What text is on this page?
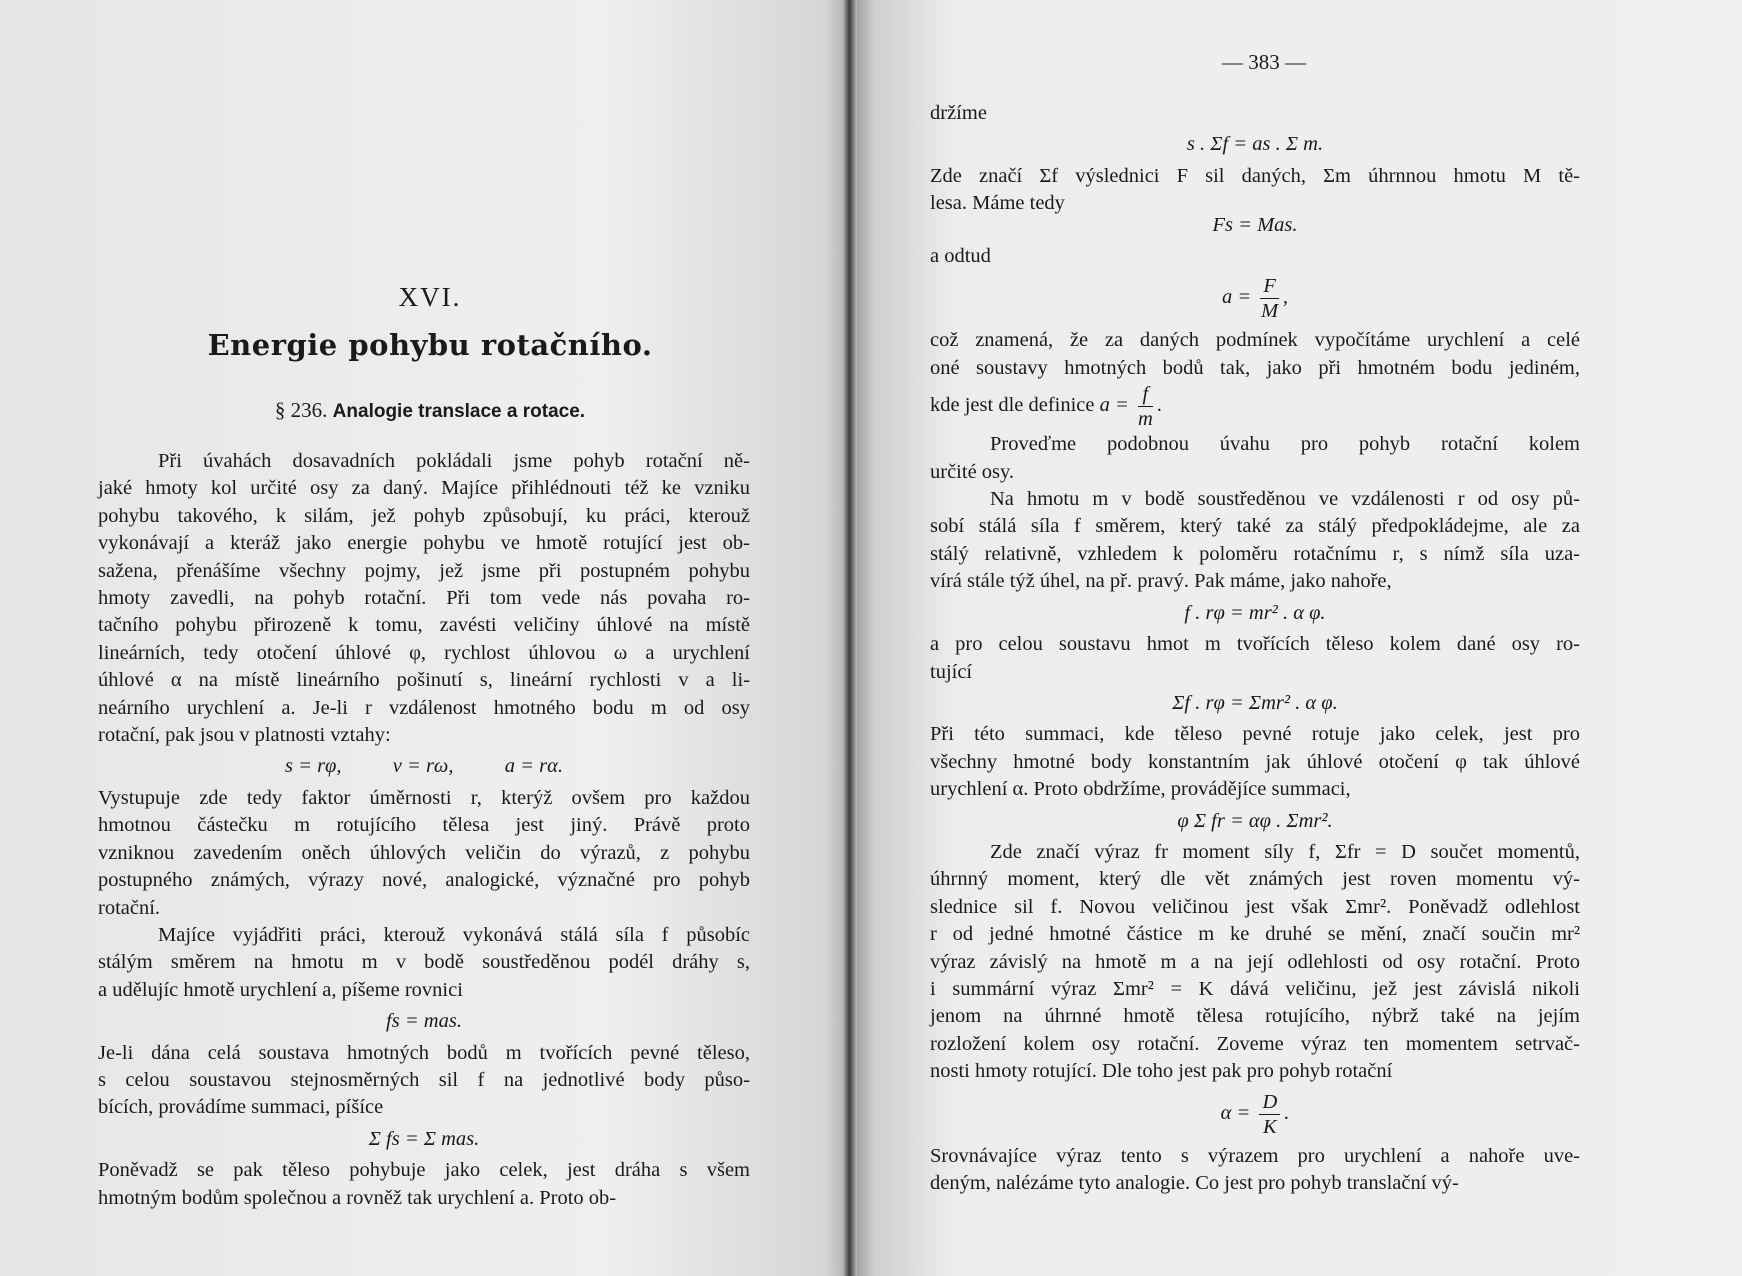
XVI.
Energie pohybu rotačního.
§ 236. Analogie translace a rotace.
Při úvahách dosavadních pokládali jsme pohyb rotační ně-
jaké hmoty kol určité osy za daný. Majíce přihlédnouti též ke vzniku
pohybu takového, k silám, jež pohyb způsobují, ku práci, kterouž
vykonávají a kteráž jako energie pohybu ve hmotě rotující jest ob-
sažena, přenášíme všechny pojmy, jež jsme při postupném pohybu
hmoty zavedli, na pohyb rotační. Při tom vede nás povaha ro-
tačního pohybu přirozeně k tomu, zavésti veličiny úhlové na místě
lineárních, tedy otočení úhlové φ, rychlost úhlovou ω a urychlení
úhlové α na místě lineárního pošinutí s, lineární rychlosti v a li-
neárního urychlení a. Je-li r vzdálenost hmotného bodu m od osy
rotační, pak jsou v platnosti vztahy:
s = rφ,          v = rω,          a = rα.
Vystupuje zde tedy faktor úměrnosti r, kterýž ovšem pro každou
hmotnou částečku m rotujícího tělesa jest jiný. Právě proto
vzniknou zavedením oněch úhlových veličin do výrazů, z pohybu
postupného známých, výrazy nové, analogické, význačné pro pohyb
rotační.
Majíce vyjádřiti práci, kterouž vykonává stálá síla f působíc
stálým směrem na hmotu m v bodě soustředěnou podél dráhy s,
a udělujíc hmotě urychlení a, píšeme rovnici
fs = mas.
Je-li dána celá soustava hmotných bodů m tvořících pevné těleso,
s celou soustavou stejnosměrných sil f na jednotlivé body půso-
bících, provádíme summaci, píšíce
Σ fs = Σ mas.
Poněvadž se pak těleso pohybuje jako celek, jest dráha s všem
hmotným bodům společnou a rovněž tak urychlení a. Proto ob-
— 383 —
držíme
s . Σf = as . Σ m.
Zde značí Σf výslednici F sil daných, Σm úhrnnou hmotu M tě-
lesa. Máme tedy
Fs = Mas.
a odtud
$a = \frac{F}{M}$ ,
což znamená, že za daných podmínek vypočítáme urychlení a celé
oné soustavy hmotných bodů tak, jako při hmotném bodu jediném,
kde jest dle definice $a = \frac{f}{m}$ .
Proveďme podobnou úvahu pro pohyb rotační kolem
určité osy.
Na hmotu m v bodě soustředěnou ve vzdálenosti r od osy pů-
sobí stálá síla f směrem, který také za stálý předpokládejme, ale za
stálý relativně, vzhledem k poloměru rotačnímu r, s nímž síla uza-
vírá stále týž úhel, na př. pravý. Pak máme, jako nahoře,
f . rφ = mr² . α φ.
a pro celou soustavu hmot m tvořících těleso kolem dané osy ro-
tující
Σf . rφ = Σmr² . α φ.
Při této summaci, kde těleso pevné rotuje jako celek, jest pro
všechny hmotné body konstantním jak úhlové otočení φ tak úhlové
urychlení α. Proto obdržíme, provádějíce summaci,
φ Σ fr = αφ . Σmr².
Zde značí výraz fr moment síly f, Σfr = D součet momentů,
úhrnný moment, který dle vět známých jest roven momentu vý-
slednice sil f. Novou veličinou jest však Σmr². Poněvadž odlehlost
r od jedné hmotné částice m ke druhé se mění, značí součin mr²
výraz závislý na hmotě m a na její odlehlosti od osy rotační. Proto
i summární výraz Σmr² = K dává veličinu, jež jest závislá nikoli
jenom na úhrnné hmotě tělesa rotujícího, nýbrž také na jejím
rozložení kolem osy rotační. Zoveme výraz ten momentem setrvač-
nosti hmoty rotující. Dle toho jest pak pro pohyb rotační
$\alpha = \frac{D}{K}$ .
Srovnávajíce výraz tento s výrazem pro urychlení a nahoře uve-
deným, nalézáme tyto analogie. Co jest pro pohyb translační vý-
